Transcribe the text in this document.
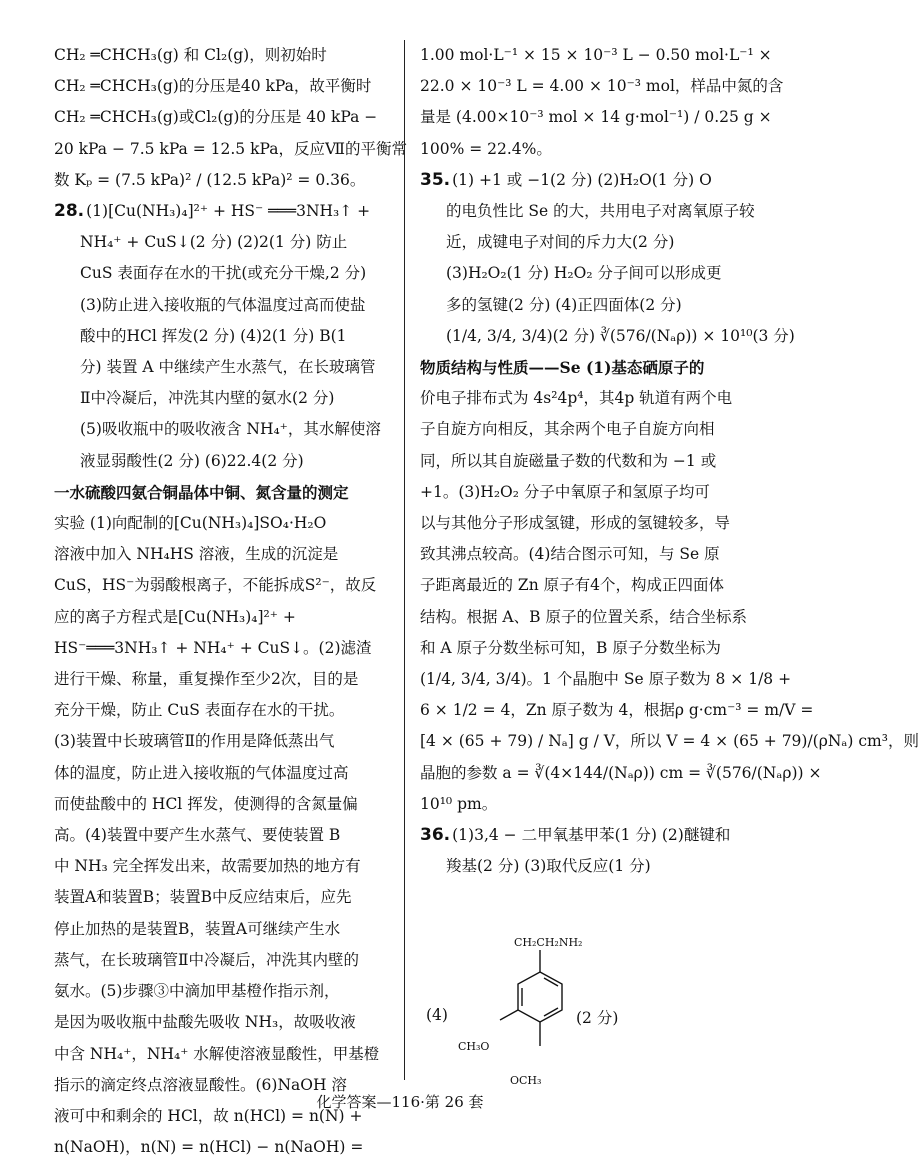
CH₂ ═CHCH₃(g) 和 Cl₂(g)，则初始时
CH₂ ═CHCH₃(g)的分压是40 kPa，故平衡时
CH₂ ═CHCH₃(g)或Cl₂(g)的分压是 40 kPa −
20 kPa − 7.5 kPa = 12.5 kPa，反应Ⅶ的平衡常
数 Kₚ = (7.5 kPa)² / (12.5 kPa)² = 0.36。
28. (1)[Cu(NH₃)₄]²⁺ + HS⁻ ═══3NH₃↑ +
NH₄⁺ + CuS↓(2 分) (2)2(1 分) 防止
CuS 表面存在水的干扰(或充分干燥,2 分)
(3)防止进入接收瓶的气体温度过高而使盐
酸中的HCl 挥发(2 分) (4)2(1 分) B(1
分) 装置 A 中继续产生水蒸气，在长玻璃管
Ⅱ中冷凝后，冲洗其内壁的氨水(2 分)
(5)吸收瓶中的吸收液含 NH₄⁺，其水解使溶
液显弱酸性(2 分) (6)22.4(2 分)
一水硫酸四氨合铜晶体中铜、氮含量的测定
实验 (1)向配制的[Cu(NH₃)₄]SO₄·H₂O
溶液中加入 NH₄HS 溶液，生成的沉淀是
CuS，HS⁻为弱酸根离子，不能拆成S²⁻，故反
应的离子方程式是[Cu(NH₃)₄]²⁺ +
HS⁻═══3NH₃↑ + NH₄⁺ + CuS↓。(2)滤渣
进行干燥、称量，重复操作至少2次，目的是
充分干燥，防止 CuS 表面存在水的干扰。
(3)装置中长玻璃管Ⅱ的作用是降低蒸出气
体的温度，防止进入接收瓶的气体温度过高
而使盐酸中的 HCl 挥发，使测得的含氮量偏
高。(4)装置中要产生水蒸气、要使装置 B
中 NH₃ 完全挥发出来，故需要加热的地方有
装置A和装置B；装置B中反应结束后，应先
停止加热的是装置B，装置A可继续产生水
蒸气，在长玻璃管Ⅱ中冷凝后，冲洗其内壁的
氨水。(5)步骤③中滴加甲基橙作指示剂，
是因为吸收瓶中盐酸先吸收 NH₃，故吸收液
中含 NH₄⁺，NH₄⁺ 水解使溶液显酸性，甲基橙
指示的滴定终点溶液显酸性。(6)NaOH 溶
液可中和剩余的 HCl，故 n(HCl) = n(N) +
n(NaOH)，n(N) = n(HCl) − n(NaOH) =
1.00 mol·L⁻¹ × 15 × 10⁻³ L − 0.50 mol·L⁻¹ ×
22.0 × 10⁻³ L = 4.00 × 10⁻³ mol，样品中氮的含
量是 (4.00×10⁻³ mol × 14 g·mol⁻¹) / 0.25 g ×
100% = 22.4%。
35. (1) +1 或 −1(2 分) (2)H₂O(1 分) O
的电负性比 Se 的大，共用电子对离氧原子较
近，成键电子对间的斥力大(2 分)
(3)H₂O₂(1 分) H₂O₂ 分子间可以形成更
多的氢键(2 分) (4)正四面体(2 分)
(1/4, 3/4, 3/4)(2 分) ∛(576/(Nₐρ)) × 10¹⁰(3 分)
物质结构与性质——Se (1)基态硒原子的
价电子排布式为 4s²4p⁴，其4p 轨道有两个电
子自旋方向相反，其余两个电子自旋方向相
同，所以其自旋磁量子数的代数和为 −1 或
+1。(3)H₂O₂ 分子中氧原子和氢原子均可
以与其他分子形成氢键，形成的氢键较多，导
致其沸点较高。(4)结合图示可知，与 Se 原
子距离最近的 Zn 原子有4个，构成正四面体
结构。根据 A、B 原子的位置关系，结合坐标系
和 A 原子分数坐标可知，B 原子分数坐标为
(1/4, 3/4, 3/4)。1 个晶胞中 Se 原子数为 8 × 1/8 +
6 × 1/2 = 4，Zn 原子数为 4，根据ρ g·cm⁻³ = m/V =
[4 × (65 + 79) / Nₐ] g / V，所以 V = 4 × (65 + 79)/(ρNₐ) cm³，则
晶胞的参数 a = ∛(4×144/(Nₐρ)) cm = ∛(576/(Nₐρ)) ×
10¹⁰ pm。
36. (1)3,4 − 二甲氧基甲苯(1 分) (2)醚键和
羧基(2 分) (3)取代反应(1 分)
CH₂CH₂NH₂
CH₃O
OCH₃
(4)	(2 分)
化学答案—116·第 26 套
